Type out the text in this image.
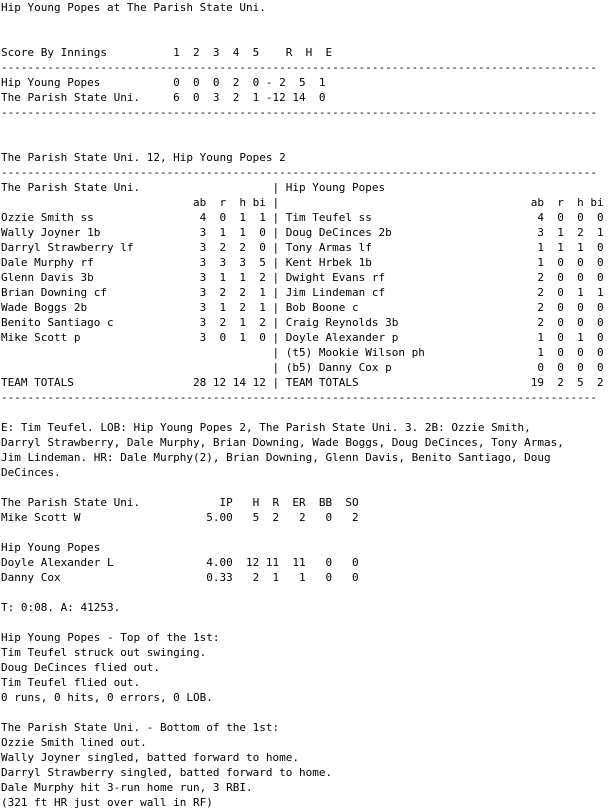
Hip Young Popes at The Parish State Uni.
Score By Innings          1  2  3  4  5    R  H  E
------------------------------------------------------------------------------------------
Hip Young Popes           0  0  0  2  0 - 2  5  1
The Parish State Uni.     6  0  3  2  1 -12 14  0
------------------------------------------------------------------------------------------
The Parish State Uni. 12, Hip Young Popes 2
------------------------------------------------------------------------------------------
The Parish State Uni.                    | Hip Young Popes
ab  r  h bi |                                      ab  r  h bi
Ozzie Smith ss                4  0  1  1 | Tim Teufel ss                         4  0  0  0
Wally Joyner 1b               3  1  1  0 | Doug DeCinces 2b                      3  1  2  1
Darryl Strawberry lf          3  2  2  0 | Tony Armas lf                         1  1  1  0
Dale Murphy rf                3  3  3  5 | Kent Hrbek 1b                         1  0  0  0
Glenn Davis 3b                3  1  1  2 | Dwight Evans rf                       2  0  0  0
Brian Downing cf              3  2  2  1 | Jim Lindeman cf                       2  0  1  1
Wade Boggs 2b                 3  1  2  1 | Bob Boone c                           2  0  0  0
Benito Santiago c             3  2  1  2 | Craig Reynolds 3b                     2  0  0  0
Mike Scott p                  3  0  1  0 | Doyle Alexander p                     1  0  1  0
| (t5) Mookie Wilson ph                 1  0  0  0
| (b5) Danny Cox p                      0  0  0  0
TEAM TOTALS                  28 12 14 12 | TEAM TOTALS                          19  2  5  2
------------------------------------------------------------------------------------------
E: Tim Teufel. LOB: Hip Young Popes 2, The Parish State Uni. 3. 2B: Ozzie Smith,
Darryl Strawberry, Dale Murphy, Brian Downing, Wade Boggs, Doug DeCinces, Tony Armas,
Jim Lindeman. HR: Dale Murphy(2), Brian Downing, Glenn Davis, Benito Santiago, Doug
DeCinces.
The Parish State Uni.            IP   H  R  ER  BB  SO
Mike Scott W                   5.00   5  2   2   0   2
Hip Young Popes
Doyle Alexander L              4.00  12 11  11   0   0
Danny Cox                      0.33   2  1   1   0   0
T: 0:08. A: 41253.
Hip Young Popes - Top of the 1st:
Tim Teufel struck out swinging.
Doug DeCinces flied out.
Tim Teufel flied out.
0 runs, 0 hits, 0 errors, 0 LOB.
The Parish State Uni. - Bottom of the 1st:
Ozzie Smith lined out.
Wally Joyner singled, batted forward to home.
Darryl Strawberry singled, batted forward to home.
Dale Murphy hit 3-run home run, 3 RBI.
(321 ft HR just over wall in RF)
